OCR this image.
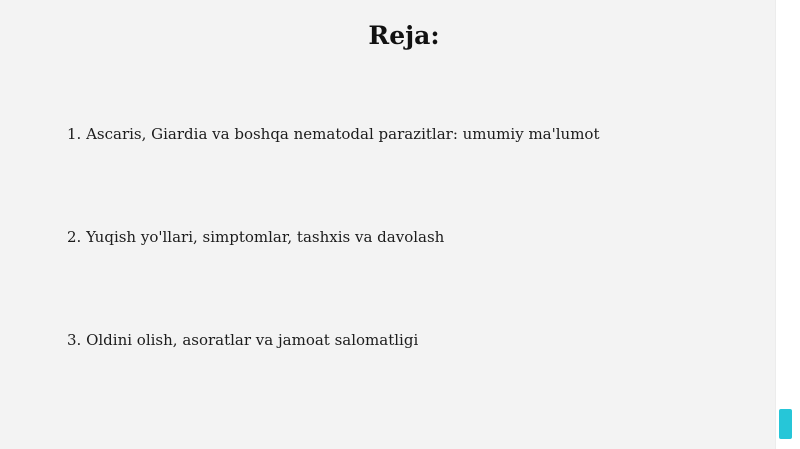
Reja:
1. Ascaris, Giardia va boshqa nematodal parazitlar: umumiy ma'lumot
2. Yuqish yo'llari, simptomlar, tashxis va davolash
3. Oldini olish, asoratlar va jamoat salomatligi
